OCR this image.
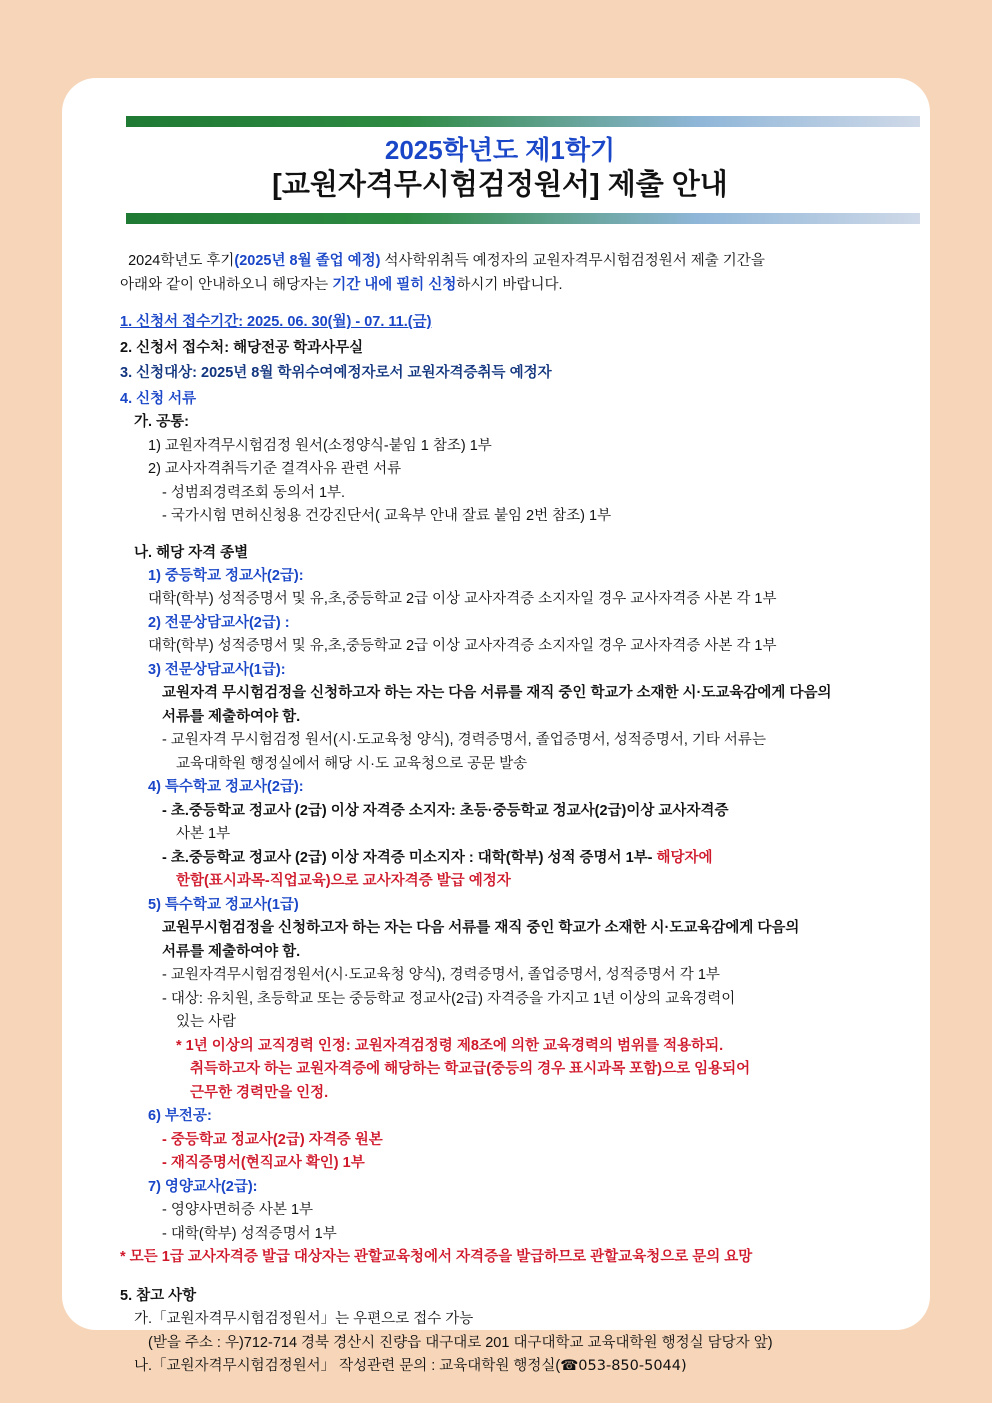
2025학년도 제1학기
[교원자격무시험검정원서] 제출 안내
2024학년도 후기(2025년 8월 졸업 예정) 석사학위취득 예정자의 교원자격무시험검정원서 제출 기간을
아래와 같이 안내하오니 해당자는 기간 내에 필히 신청하시기 바랍니다.
1. 신청서 접수기간: 2025. 06. 30(월) - 07. 11.(금)
2. 신청서 접수처: 해당전공 학과사무실
3. 신청대상: 2025년 8월 학위수여예정자로서 교원자격증취득 예정자
4. 신청 서류
가. 공통:
1) 교원자격무시험검정 원서(소정양식-붙임 1 참조) 1부
2) 교사자격취득기준 결격사유 관련 서류
- 성범죄경력조회 동의서 1부.
- 국가시험 면허신청용 건강진단서( 교육부 안내 잘료 붙임 2번 참조) 1부
나. 해당 자격 종별
1) 중등학교 정교사(2급):
대학(학부) 성적증명서 및 유,초,중등학교 2급 이상 교사자격증 소지자일 경우 교사자격증 사본 각 1부
2) 전문상담교사(2급) :
대학(학부) 성적증명서 및 유,초,중등학교 2급 이상 교사자격증 소지자일 경우 교사자격증 사본 각 1부
3) 전문상담교사(1급):
교원자격 무시험검정을 신청하고자 하는 자는 다음 서류를 재직 중인 학교가 소재한 시·도교육감에게 다음의
서류를 제출하여야 함.
- 교원자격 무시험검정 원서(시·도교육청 양식), 경력증명서, 졸업증명서, 성적증명서, 기타 서류는
교육대학원 행정실에서 해당 시·도 교육청으로 공문 발송
4) 특수학교 정교사(2급):
- 초.중등학교 정교사 (2급) 이상 자격증 소지자: 초등·중등학교 정교사(2급)이상 교사자격증
사본 1부
- 초.중등학교 정교사 (2급) 이상 자격증 미소지자 : 대학(학부) 성적 증명서 1부- 해당자에
한함(표시과목-직업교육)으로 교사자격증 발급 예정자
5) 특수학교 정교사(1급)
교원무시험검정을 신청하고자 하는 자는 다음 서류를 재직 중인 학교가 소재한 시·도교육감에게 다음의
서류를 제출하여야 함.
- 교원자격무시험검정원서(시·도교육청 양식), 경력증명서, 졸업증명서, 성적증명서 각 1부
- 대상: 유치원, 초등학교 또는 중등학교 정교사(2급) 자격증을 가지고 1년 이상의 교육경력이
있는 사람
* 1년 이상의 교직경력 인정: 교원자격검정령 제8조에 의한 교육경력의 범위를 적용하되.
취득하고자 하는 교원자격증에 해당하는 학교급(중등의 경우 표시과목 포함)으로 임용되어
근무한 경력만을 인정.
6) 부전공:
- 중등학교 정교사(2급) 자격증 원본
- 재직증명서(현직교사 확인) 1부
7) 영양교사(2급):
- 영양사면허증 사본 1부
- 대학(학부) 성적증명서 1부
* 모든 1급 교사자격증 발급 대상자는 관할교육청에서 자격증을 발급하므로 관할교육청으로 문의 요망
5. 참고 사항
가.「교원자격무시험검정원서」는 우편으로 접수 가능
(받을 주소 : 우)712-714 경북 경산시 진량읍 대구대로 201 대구대학교 교육대학원 행정실 담당자 앞)
나.「교원자격무시험검정원서」 작성관련 문의 : 교육대학원 행정실(☎053-850-5044)
